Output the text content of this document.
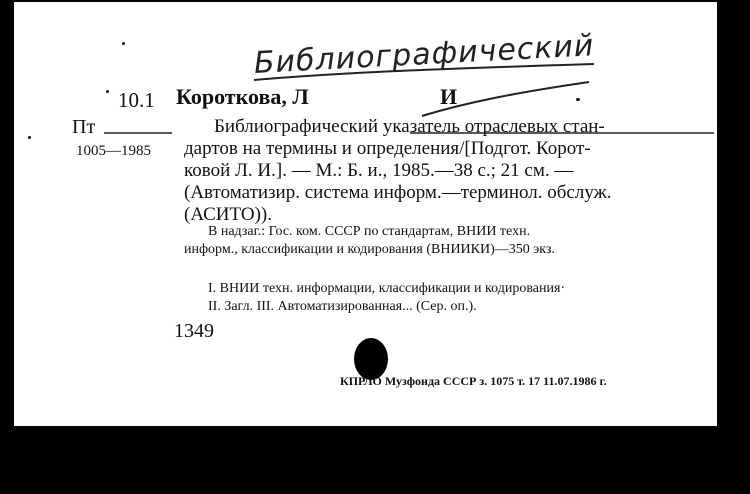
Библиографический
10.1 Короткова, Л	И
Пт
1005—1985
Библиографический указатель отраслевых стан-
дартов на термины и определения/[Подгот. Корот-
ковой Л. И.]. — М.: Б. и., 1985.—38 с.; 21 см. —
(Автоматизир. система информ.—терминол. обслуж.
(АСИТО)).
В надзаг.: Гос. ком. СССР по стандартам, ВНИИ техн.
информ., классификации и кодирования (ВНИИКИ)—350 экз.
I. ВНИИ техн. информации, классификации и кодирования·
II. Загл. III. Автоматизированная... (Сер. оп.).
1349
КПРЛО Музфонда СССР з. 1075 т. 17 11.07.1986 г.
